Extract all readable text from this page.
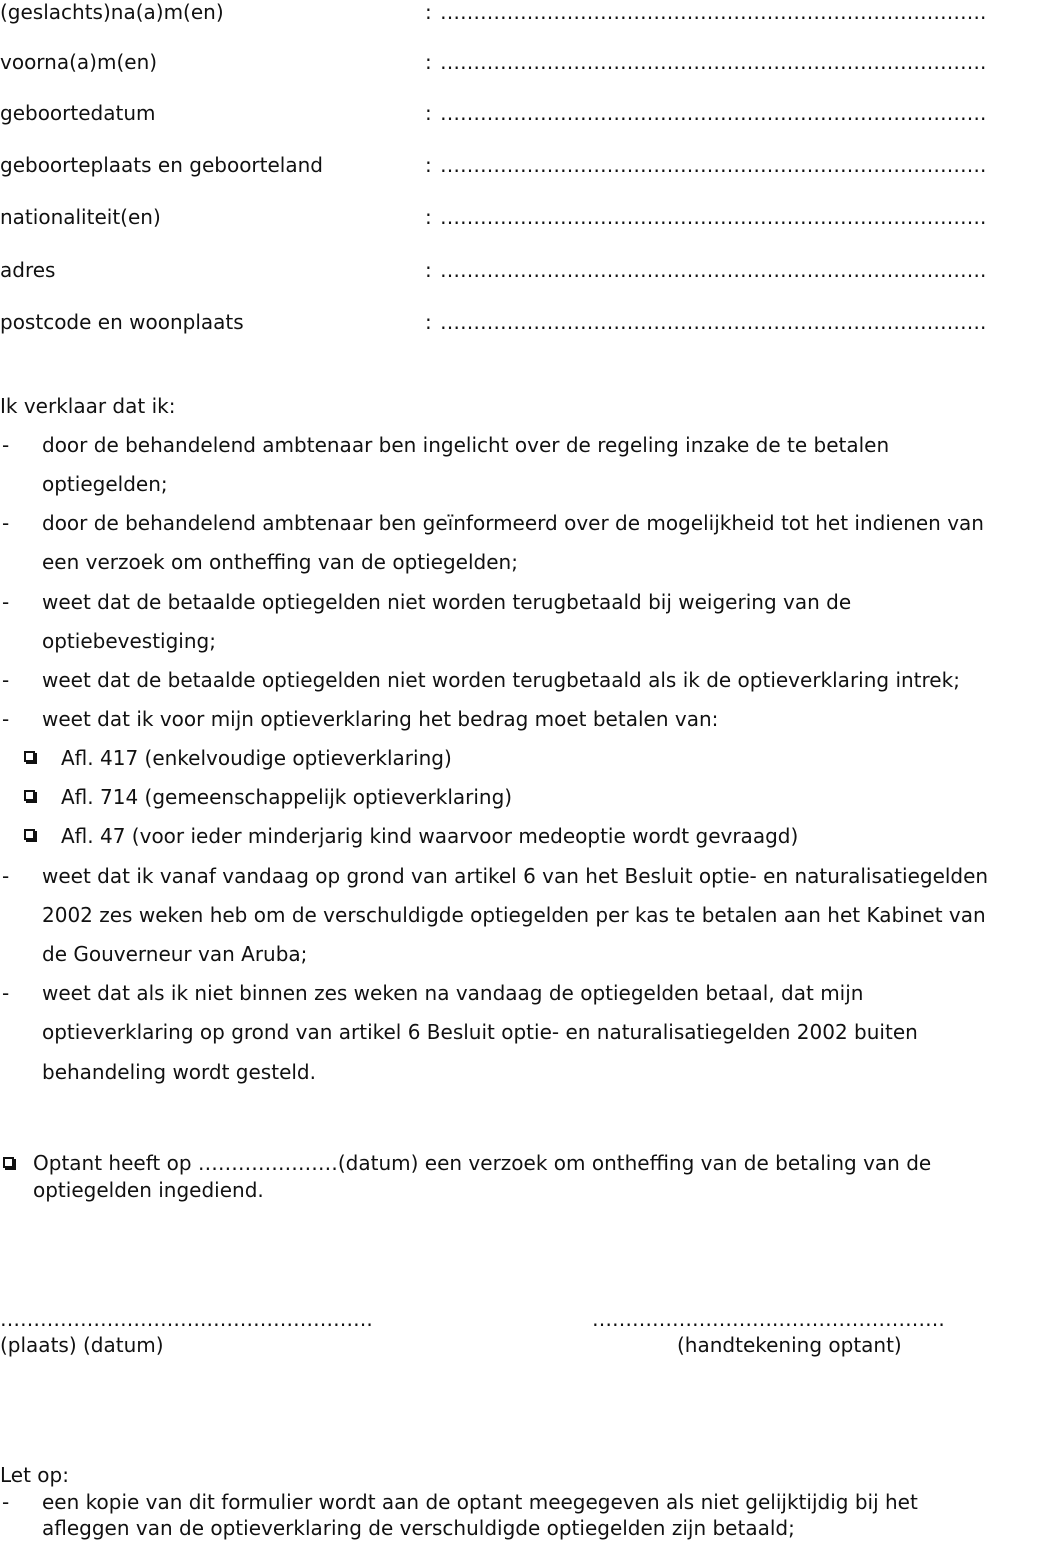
(geslachts)na(a)m(en)	: ……………………………………………………………………….
voorna(a)m(en)	: ……………………………………………………………………….
geboortedatum	: ……………………………………………………………………….
geboorteplaats en geboorteland	: ……………………………………………………………………….
nationaliteit(en)	: ……………………………………………………………………….
adres	: ……………………………………………………………………….
postcode en woonplaats	: ……………………………………………………………………….
Ik verklaar dat ik:
- door de behandelend ambtenaar ben ingelicht over de regeling inzake de te betalen
optiegelden;
- door de behandelend ambtenaar ben geïnformeerd over de mogelijkheid tot het indienen van
een verzoek om ontheffing van de optiegelden;
- weet dat de betaalde optiegelden niet worden terugbetaald bij weigering van de
optiebevestiging;
- weet dat de betaalde optiegelden niet worden terugbetaald als ik de optieverklaring intrek;
- weet dat ik voor mijn optieverklaring het bedrag moet betalen van:
Afl. 417 (enkelvoudige optieverklaring)
Afl. 714 (gemeenschappelijk optieverklaring)
Afl. 47 (voor ieder minderjarig kind waarvoor medeoptie wordt gevraagd)
- weet dat ik vanaf vandaag op grond van artikel 6 van het Besluit optie- en naturalisatiegelden
2002 zes weken heb om de verschuldigde optiegelden per kas te betalen aan het Kabinet van
de Gouverneur van Aruba;
- weet dat als ik niet binnen zes weken na vandaag de optiegelden betaal, dat mijn
optieverklaring op grond van artikel 6 Besluit optie- en naturalisatiegelden 2002 buiten
behandeling wordt gesteld.
Optant heeft op …………………(datum) een verzoek om ontheffing van de betaling van de
optiegelden ingediend.
………………………….…………………….
(plaats) (datum)
……………………….…………………….
(handtekening optant)
Let op:
- een kopie van dit formulier wordt aan de optant meegegeven als niet gelijktijdig bij het
afleggen van de optieverklaring de verschuldigde optiegelden zijn betaald;
